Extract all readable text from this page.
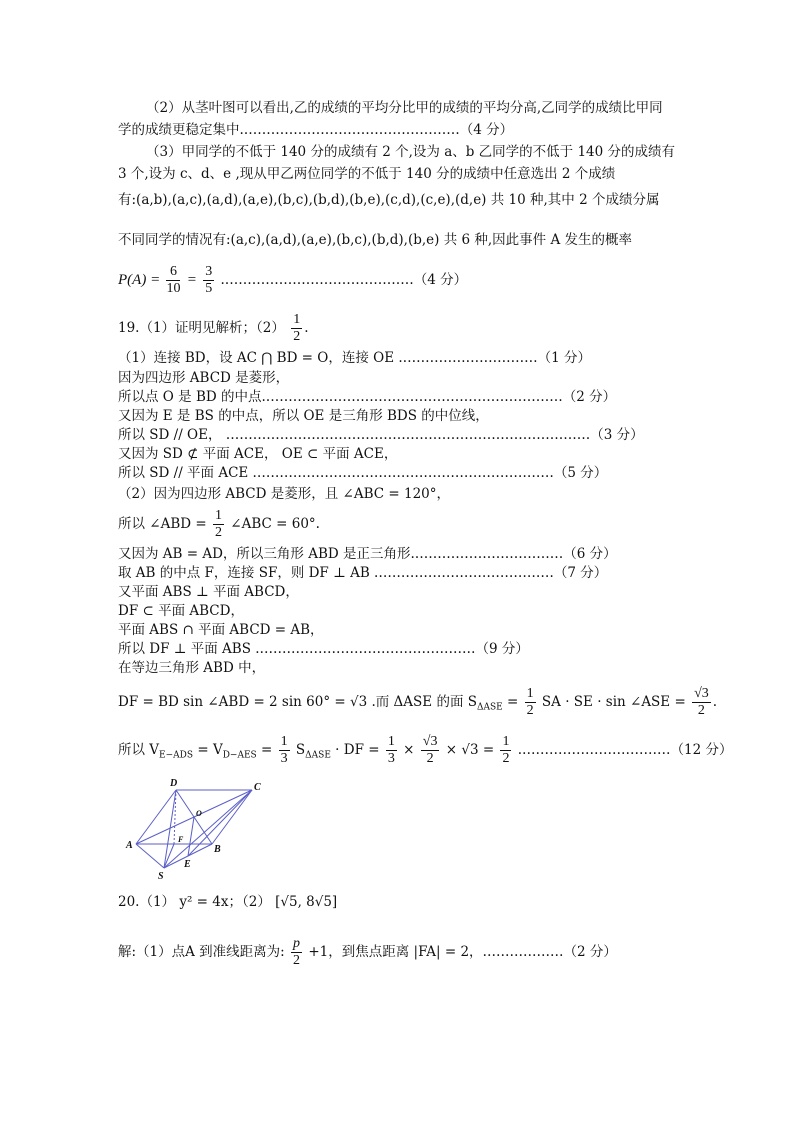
（2）从茎叶图可以看出,乙的成绩的平均分比甲的成绩的平均分高,乙同学的成绩比甲同
学的成绩更稳定集中.…………………………………………（4 分）
（3）甲同学的不低于 140 分的成绩有 2 个,设为 a、b 乙同学的不低于 140 分的成绩有
3 个,设为 c、d、e ,现从甲乙两位同学的不低于 140 分的成绩中任意选出 2 个成绩
有:(a,b),(a,c),(a,d),(a,e),(b,c),(b,d),(b,e),(c,d),(c,e),(d,e) 共 10 种,其中 2 个成绩分属
不同同学的情况有:(a,c),(a,d),(a,e),(b,c),(b,d),(b,e) 共 6 种,因此事件 A 发生的概率
$P(A) = \frac{6}{10} = \frac{3}{5}$ .……………………………………（4 分）
19.（1）证明见解析；$(2) \frac{1}{2}$ .
（1）连接 BD，设 AC ⋂ BD = O，连接 OE .…………………………（1 分）
因为四边形 ABCD 是菱形，
所以点 O 是 BD 的中点.…………………………………………………………（2 分）
又因为 E 是 BS 的中点，所以 OE 是三角形 BDS 的中位线，
所以 SD // OE， ………………………………………………………………………（3 分）
又因为 SD ⊄ 平面 ACE， OE ⊂ 平面 ACE，
所以 SD // 平面 ACE .…………………………………………………………（5 分）
（2）因为四边形 ABCD 是菱形，且 ∠ABC = 120°，
所以 ∠ABD = $\frac{1}{2}$ ∠ABC = 60°.
又因为 AB = AD，所以三角形 ABD 是正三角形.……………………………（6 分）
取 AB 的中点 F，连接 SF，则 DF ⊥ AB .…………………………………（7 分）
又平面 ABS ⊥ 平面 ABCD，
DF ⊂ 平面 ABCD，
平面 ABS ∩ 平面 ABCD = AB，
所以 DF ⊥ 平面 ABS .…………………………………………（9 分）
在等边三角形 ABD 中，
DF = BD sin ∠ABD = 2 sin 60° = √3 .而 ΔASE 的面 $S_{\Delta ASE} = \frac{1}{2}$ SA · SE · sin ∠ASE = $\frac{√3}{2}$ .
所以 $V_{E-ADS} = V_{D-AES} = \frac{1}{3} S_{\Delta ASE}$ · DF = $\frac{1}{3} \times \frac{√3}{2} \times √3 = \frac{1}{2}$ .……………………………（12 分）
D	C
O
F
A
E
B
S
20.（1） y² = 4x；（2） [√5, 8√5]
解:（1）点A 到准线距离为: $\frac{p}{2} +1$，到焦点距离 |FA| = 2，………………（2 分）
